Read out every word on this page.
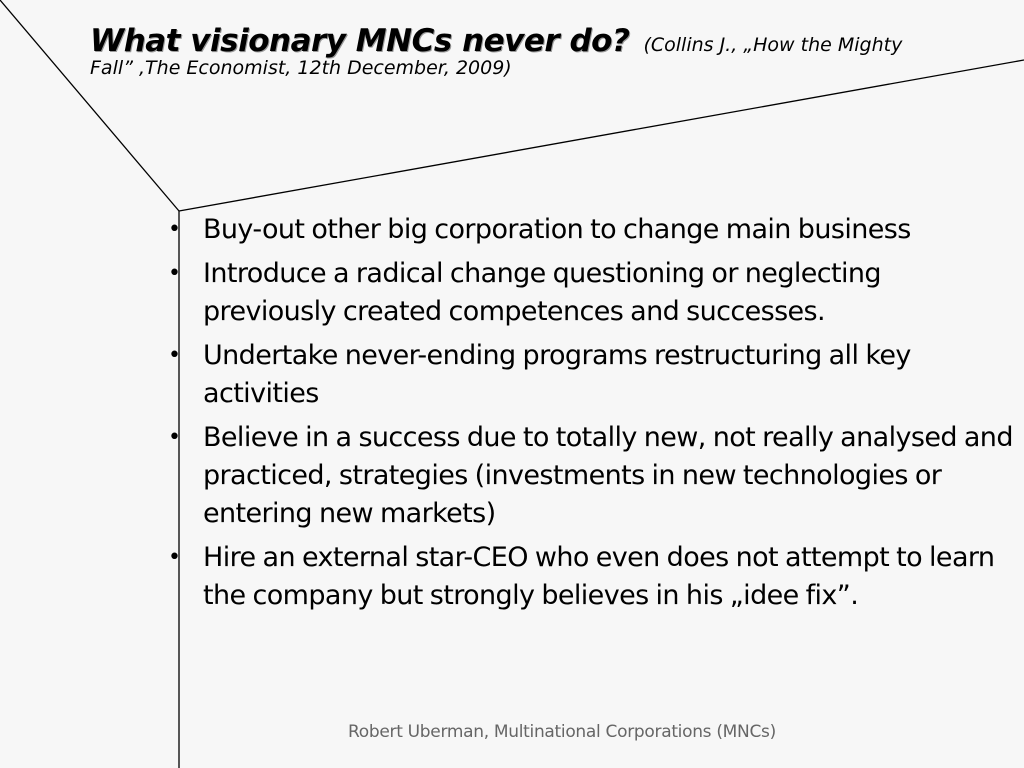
What visionary MNCs never do? (Collins J., „How the Mighty
Fall” ,The Economist, 12th December, 2009)
• Buy-out other big corporation to change main business
• Introduce a radical change questioning or neglecting previously created competences and successes.
• Undertake never-ending programs restructuring all key activities
• Believe in a success due to totally new, not really analysed and practiced, strategies (investments in new technologies or entering new markets)
• Hire an external star-CEO who even does not attempt to learn the company but strongly believes in his „idee fix”.
Robert Uberman, Multinational Corporations (MNCs)
